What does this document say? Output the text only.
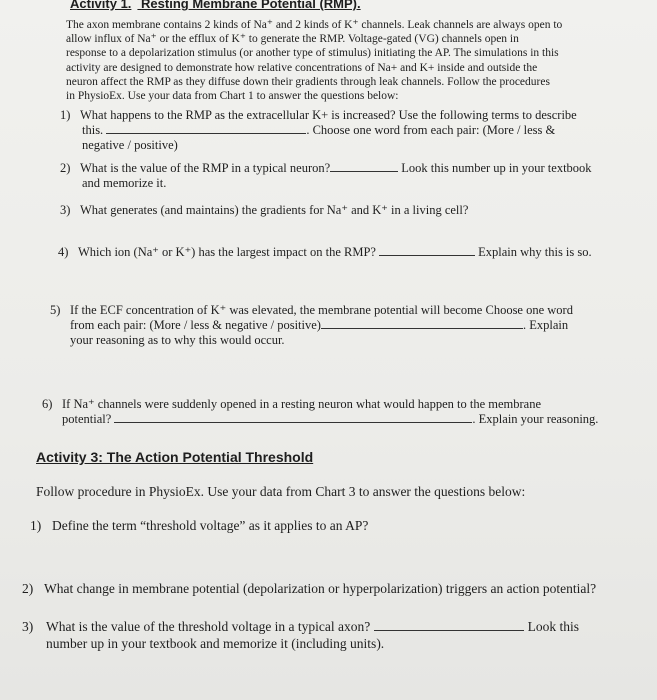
Activity 1. Resting Membrane Potential (RMP).
The axon membrane contains 2 kinds of Na⁺ and 2 kinds of K⁺ channels. Leak channels are always open to
allow influx of Na⁺ or the efflux of K⁺ to generate the RMP. Voltage-gated (VG) channels open in
response to a depolarization stimulus (or another type of stimulus) initiating the AP. The simulations in this
activity are designed to demonstrate how relative concentrations of Na+ and K+ inside and outside the
neuron affect the RMP as they diffuse down their gradients through leak channels. Follow the procedures
in PhysioEx. Use your data from Chart 1 to answer the questions below:
1) What happens to the RMP as the extracellular K+ is increased? Use the following terms to describe
this.	. Choose one word from each pair: (More / less &
negative / positive)
2) What is the value of the RMP in a typical neuron?	Look this number up in your textbook
and memorize it.
3) What generates (and maintains) the gradients for Na⁺ and K⁺ in a living cell?
4) Which ion (Na⁺ or K⁺) has the largest impact on the RMP?	Explain why this is so.
5) If the ECF concentration of K⁺ was elevated, the membrane potential will become Choose one word
from each pair: (More / less & negative / positive)	. Explain
your reasoning as to why this would occur.
6) If Na⁺ channels were suddenly opened in a resting neuron what would happen to the membrane
potential?	. Explain your reasoning.
Activity 3: The Action Potential Threshold
Follow procedure in PhysioEx. Use your data from Chart 3 to answer the questions below:
1) Define the term “threshold voltage” as it applies to an AP?
2) What change in membrane potential (depolarization or hyperpolarization) triggers an action potential?
3) What is the value of the threshold voltage in a typical axon?	Look this
number up in your textbook and memorize it (including units).
